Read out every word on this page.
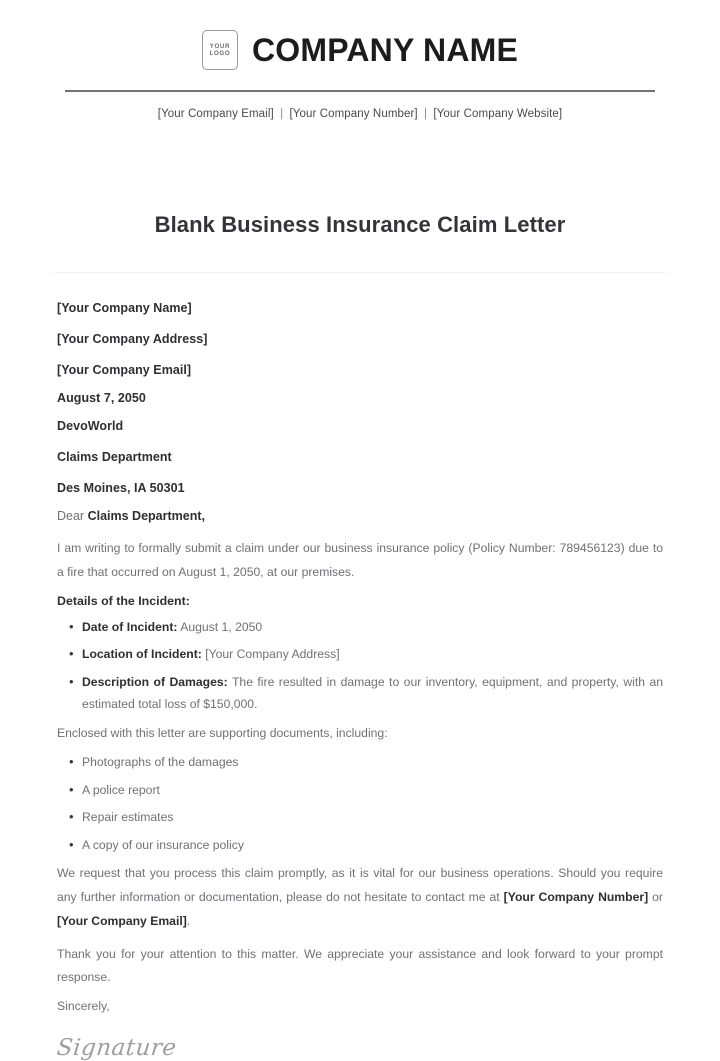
YOUR
LOGO COMPANY NAME
[Your Company Email] | [Your Company Number] | [Your Company Website]
Blank Business Insurance Claim Letter
[Your Company Name]
[Your Company Address]
[Your Company Email]
August 7, 2050
DevoWorld
Claims Department
Des Moines, IA 50301
Dear Claims Department,

I am writing to formally submit a claim under our business insurance policy (Policy Number: 789456123) due to a fire that occurred on August 1, 2050, at our premises.

Details of the Incident:
• Date of Incident: August 1, 2050
• Location of Incident: [Your Company Address]
• Description of Damages: The fire resulted in damage to our inventory, equipment, and property, with an estimated total loss of $150,000.
Enclosed with this letter are supporting documents, including:
• Photographs of the damages
• A police report
• Repair estimates
• A copy of our insurance policy

We request that you process this claim promptly, as it is vital for our business operations. Should you require any further information or documentation, please do not hesitate to contact me at [Your Company Number] or [Your Company Email].

Thank you for your attention to this matter. We appreciate your assistance and look forward to your prompt response.

Sincerely,
Signature
